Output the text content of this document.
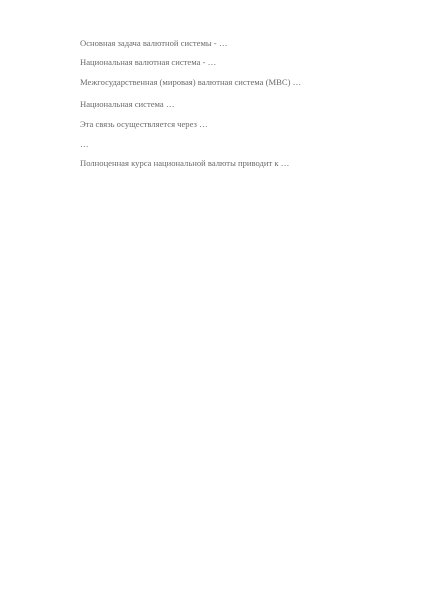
Основная задача валютной системы - …

Национальная валютная система - …

Межгосударственная (мировая) валютная система (МВС) …

Национальная система …

Эта связь осуществляется через …

…

Полноценная курса национальной валюты приводит к …
